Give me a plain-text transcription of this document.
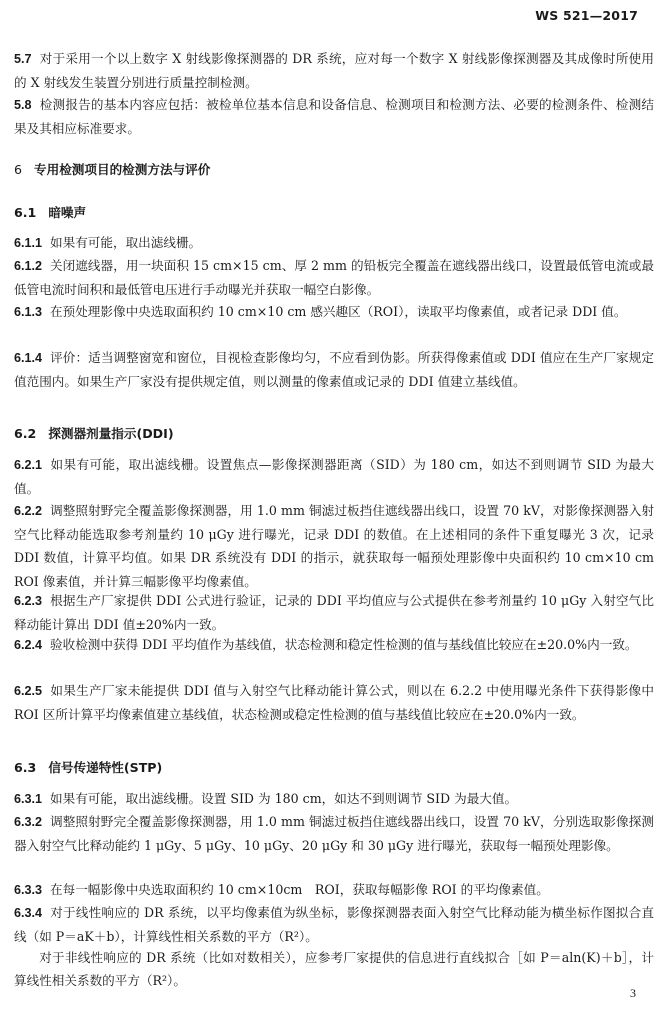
WS 521—2017
5.7 对于采用一个以上数字 X 射线影像探测器的 DR 系统，应对每一个数字 X 射线影像探测器及其成像时所使用的 X 射线发生装置分别进行质量控制检测。
5.8 检测报告的基本内容应包括：被检单位基本信息和设备信息、检测项目和检测方法、必要的检测条件、检测结果及其相应标准要求。
6 专用检测项目的检测方法与评价
6.1 暗噪声
6.1.1 如果有可能，取出滤线栅。
6.1.2 关闭遮线器，用一块面积 15 cm×15 cm、厚 2 mm 的铅板完全覆盖在遮线器出线口，设置最低管电流或最低管电流时间积和最低管电压进行手动曝光并获取一幅空白影像。
6.1.3 在预处理影像中央选取面积约 10 cm×10 cm 感兴趣区（ROI），读取平均像素值，或者记录 DDI 值。
6.1.4 评价：适当调整窗宽和窗位，目视检查影像均匀，不应看到伪影。所获得像素值或 DDI 值应在生产厂家规定值范围内。如果生产厂家没有提供规定值，则以测量的像素值或记录的 DDI 值建立基线值。
6.2 探测器剂量指示(DDI)
6.2.1 如果有可能，取出滤线栅。设置焦点—影像探测器距离（SID）为 180 cm，如达不到则调节 SID 为最大值。
6.2.2 调整照射野完全覆盖影像探测器，用 1.0 mm 铜滤过板挡住遮线器出线口，设置 70 kV，对影像探测器入射空气比释动能选取参考剂量约 10 μGy 进行曝光，记录 DDI 的数值。在上述相同的条件下重复曝光 3 次，记录 DDI 数值，计算平均值。如果 DR 系统没有 DDI 的指示，就获取每一幅预处理影像中央面积约 10 cm×10 cm　ROI 像素值，并计算三幅影像平均像素值。
6.2.3 根据生产厂家提供 DDI 公式进行验证，记录的 DDI 平均值应与公式提供在参考剂量约 10 μGy 入射空气比释动能计算出 DDI 值±20%内一致。
6.2.4 验收检测中获得 DDI 平均值作为基线值，状态检测和稳定性检测的值与基线值比较应在±20.0%内一致。
6.2.5 如果生产厂家未能提供 DDI 值与入射空气比释动能计算公式，则以在 6.2.2 中使用曝光条件下获得影像中 ROI 区所计算平均像素值建立基线值，状态检测或稳定性检测的值与基线值比较应在±20.0%内一致。
6.3 信号传递特性(STP)
6.3.1 如果有可能，取出滤线栅。设置 SID 为 180 cm，如达不到则调节 SID 为最大值。
6.3.2 调整照射野完全覆盖影像探测器，用 1.0 mm 铜滤过板挡住遮线器出线口，设置 70 kV，分别选取影像探测器入射空气比释动能约 1 μGy、5 μGy、10 μGy、20 μGy 和 30 μGy 进行曝光，获取每一幅预处理影像。
6.3.3 在每一幅影像中央选取面积约 10 cm×10cm　ROI，获取每幅影像 ROI 的平均像素值。
6.3.4 对于线性响应的 DR 系统，以平均像素值为纵坐标，影像探测器表面入射空气比释动能为横坐标作图拟合直线（如 P＝aK＋b），计算线性相关系数的平方（R²）。
对于非线性响应的 DR 系统（比如对数相关），应参考厂家提供的信息进行直线拟合［如 P＝aln(K)＋b］，计算线性相关系数的平方（R²）。
3
